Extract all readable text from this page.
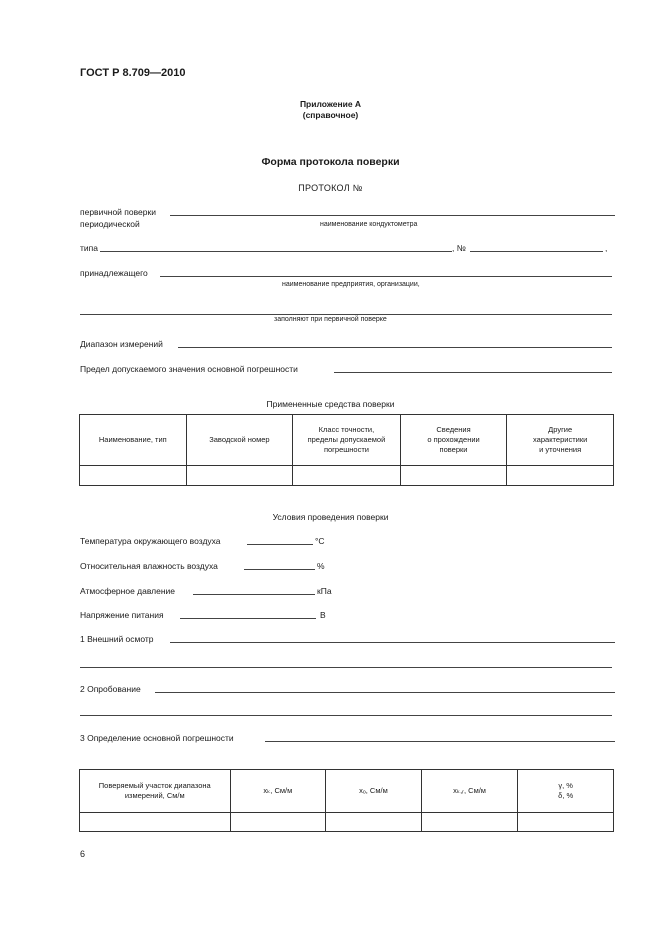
ГОСТ Р 8.709—2010
Приложение А
(справочное)
Форма протокола поверки
ПРОТОКОЛ №
первичной поверки
периодической	наименование кондуктометра
типа	, №	,
принадлежащего
наименование предприятия, организации,
заполняют при первичной поверке
Диапазон измерений
Предел допускаемого значения основной погрешности
Примененные средства поверки
Наименование, тип	Заводской номер	Класс точности,
пределы допускаемой
погрешности	Сведения
о прохождении
поверки	Другие
характеристики
и уточнения

Условия проведения поверки
Температура окружающего воздуха	°С
Относительная влажность воздуха	%
Атмосферное давление	кПа
Напряжение питания	В
1 Внешний осмотр
2 Опробование
3 Определение основной погрешности
Поверяемый участок диапазона
измерений, См/м	xₖ, См/м	xₒ, См/м	xₖ,ᵣ, См/м	γ, %
δ, %

6
